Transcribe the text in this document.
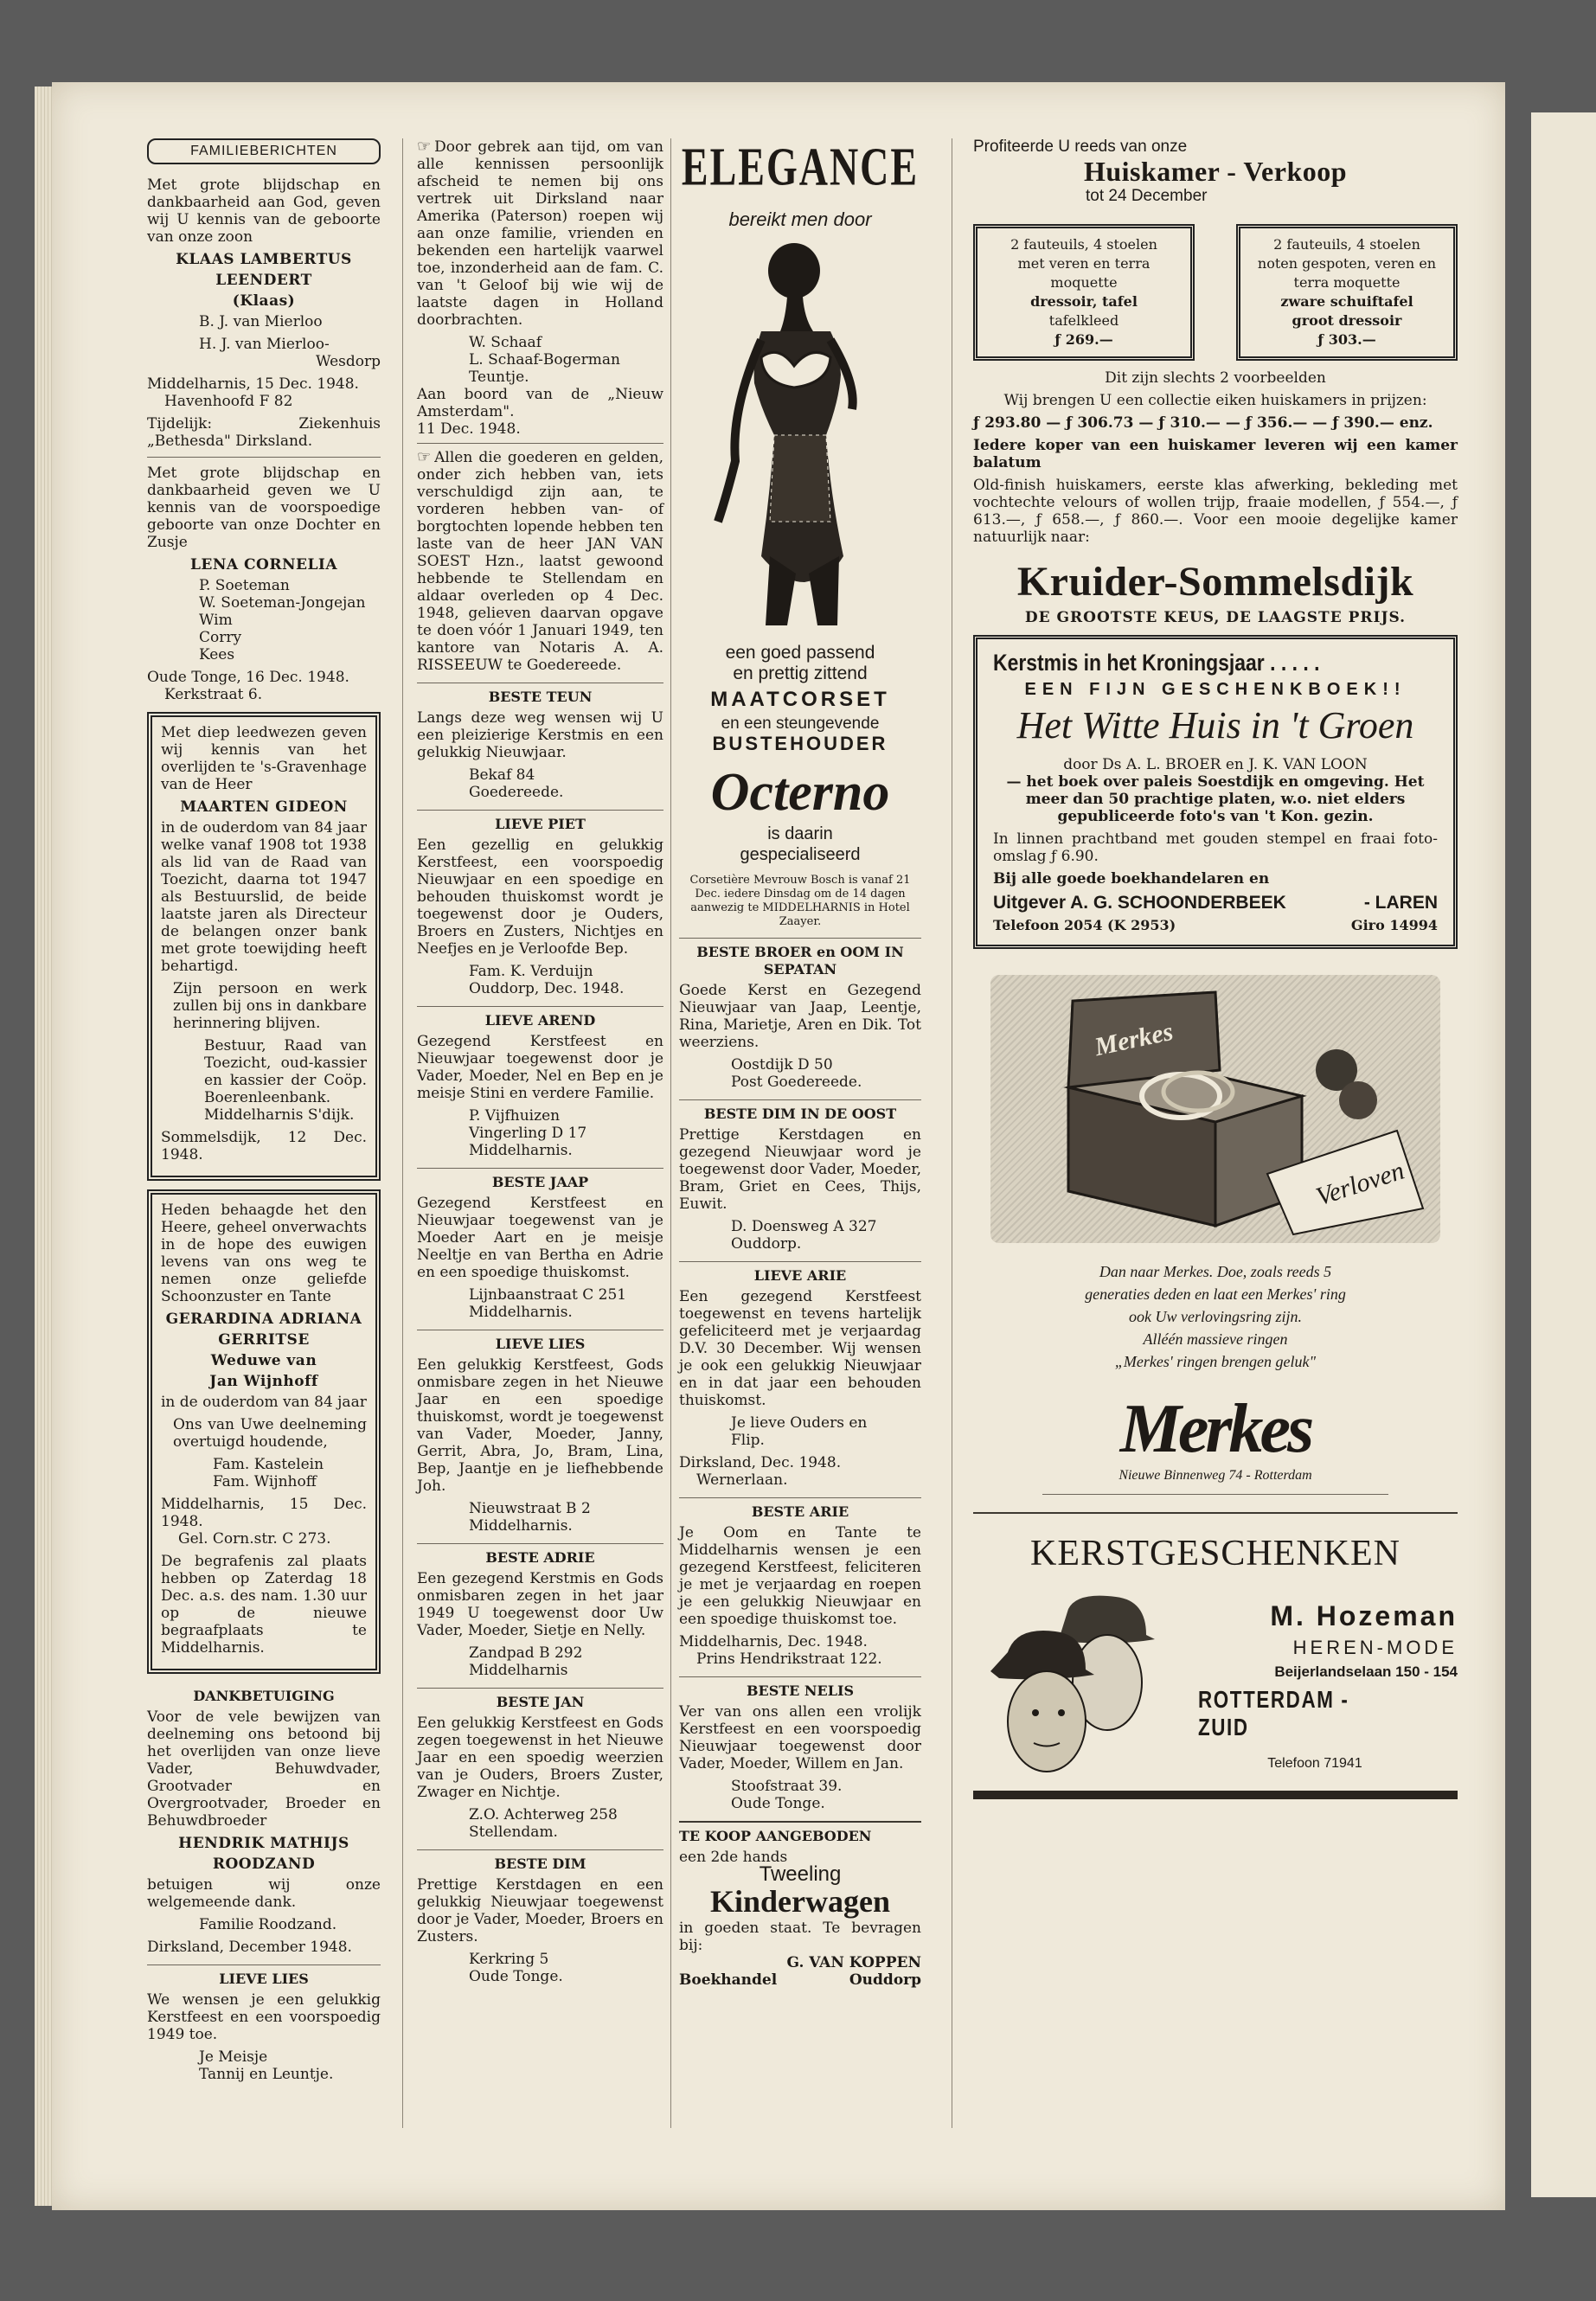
FAMILIEBERICHTEN

Met grote blijdschap en dankbaarheid aan God, geven wij U kennis van de geboorte van onze zoon

KLAAS LAMBERTUS
LEENDERT
(Klaas)

B. J. van Mierloo

H. J. van Mierloo-

Wesdorp

Middelharnis, 15 Dec. 1948.

Havenhoofd F 82

Tijdelijk: Ziekenhuis „Bethesda" Dirksland.

Met grote blijdschap en dankbaarheid geven we U kennis van de voorspoedige geboorte van onze Dochter en Zusje

LENA CORNELIA

P. Soeteman

W. Soeteman-Jongejan

Wim

Corry

Kees

Oude Tonge, 16 Dec. 1948.

Kerkstraat 6.

Met diep leedwezen geven wij kennis van het overlijden te 's-Gravenhage van de Heer

MAARTEN GIDEON

in de ouderdom van 84 jaar welke vanaf 1908 tot 1938 als lid van de Raad van Toezicht, daarna tot 1947 als Bestuurslid, de beide laatste jaren als Directeur de belangen onzer bank met grote toewijding heeft behartigd.

Zijn persoon en werk zullen bij ons in dankbare herinnering blijven.

Bestuur, Raad van Toezicht, oud-kassier en kassier der Coöp. Boerenleenbank. Middelharnis S'dijk.

Sommelsdijk, 12 Dec. 1948.

Heden behaagde het den Heere, geheel onverwachts in de hope des euwigen levens van ons weg te nemen onze geliefde Schoonzuster en Tante

GERARDINA ADRIANA
GERRITSE
Weduwe van
Jan Wijnhoff

in de ouderdom van 84 jaar

Ons van Uwe deelneming overtuigd houdende,

Fam. Kastelein

Fam. Wijnhoff

Middelharnis, 15 Dec. 1948.

Gel. Corn.str. C 273.

De begrafenis zal plaats hebben op Zaterdag 18 Dec. a.s. des nam. 1.30 uur op de nieuwe begraafplaats te Middelharnis.

DANKBETUIGING

Voor de vele bewijzen van deelneming ons betoond bij het overlijden van onze lieve Vader, Behuwdvader, Grootvader en Overgrootvader, Broeder en Behuwdbroeder

HENDRIK MATHIJS
ROODZAND

betuigen wij onze welgemeende dank.

Familie Roodzand.

Dirksland, December 1948.

LIEVE LIES

We wensen je een gelukkig Kerstfeest en een voorspoedig 1949 toe.

Je Meisje

Tannij en Leuntje.

☞ Door gebrek aan tijd, om van alle kennissen persoonlijk afscheid te nemen bij ons vertrek uit Dirksland naar Amerika (Paterson) roepen wij aan onze familie, vrienden en bekenden een hartelijk vaarwel toe, inzonderheid aan de fam. C. van 't Geloof bij wie wij de laatste dagen in Holland doorbrachten.

W. Schaaf

L. Schaaf-Bogerman

Teuntje.

Aan boord van de „Nieuw Amsterdam".

11 Dec. 1948.

☞ Allen die goederen en gelden, onder zich hebben van, iets verschuldigd zijn aan, te vorderen hebben van- of borgtochten lopende hebben ten laste van de heer JAN VAN SOEST Hzn., laatst gewoond hebbende te Stellendam en aldaar overleden op 4 Dec. 1948, gelieven daarvan opgave te doen vóór 1 Januari 1949, ten kantore van Notaris A. A. RISSEEUW te Goedereede.

BESTE TEUN

Langs deze weg wensen wij U een pleizierige Kerstmis en een gelukkig Nieuwjaar.

Bekaf 84

Goedereede.

LIEVE PIET

Een gezellig en gelukkig Kerstfeest, een voorspoedig Nieuwjaar en een spoedige en behouden thuiskomst wordt je toegewenst door je Ouders, Broers en Zusters, Nichtjes en Neefjes en je Verloofde Bep.

Fam. K. Verduijn

Ouddorp, Dec. 1948.

LIEVE AREND

Gezegend Kerstfeest en Nieuwjaar toegewenst door je Vader, Moeder, Nel en Bep en je meisje Stini en verdere Familie.

P. Vijfhuizen

Vingerling D 17

Middelharnis.

BESTE JAAP

Gezegend Kerstfeest en Nieuwjaar toegewenst van je Moeder Aart en je meisje Neeltje en van Bertha en Adrie en een spoedige thuiskomst.

Lijnbaanstraat C 251

Middelharnis.

LIEVE LIES

Een gelukkig Kerstfeest, Gods onmisbare zegen in het Nieuwe Jaar en een spoedige thuiskomst, wordt je toegewenst van Vader, Moeder, Janny, Gerrit, Abra, Jo, Bram, Lina, Bep, Jaantje en je liefhebbende Joh.

Nieuwstraat B 2

Middelharnis.

BESTE ADRIE

Een gezegend Kerstmis en Gods onmisbaren zegen in het jaar 1949 U toegewenst door Uw Vader, Moeder, Sietje en Nelly.

Zandpad B 292

Middelharnis

BESTE JAN

Een gelukkig Kerstfeest en Gods zegen toegewenst in het Nieuwe Jaar en een spoedig weerzien van je Ouders, Broers Zuster, Zwager en Nichtje.

Z.O. Achterweg 258

Stellendam.

BESTE DIM

Prettige Kerstdagen en een gelukkig Nieuwjaar toegewenst door je Vader, Moeder, Broers en Zusters.

Kerkring 5

Oude Tonge.

ELEGANCE
bereikt men door
een goed passend
en prettig zittend
MAATCORSET
en een steungevende
BUSTEHOUDER
Octerno
is daarin
gespecialiseerd

Corsetière Mevrouw Bosch is vanaf 21 Dec. iedere Dinsdag om de 14 dagen aanwezig te MIDDELHARNIS in Hotel Zaayer.

BESTE BROER en OOM IN SEPATAN

Goede Kerst en Gezegend Nieuwjaar van Jaap, Leentje, Rina, Marietje, Aren en Dik. Tot weerziens.

Oostdijk D 50

Post Goedereede.

BESTE DIM IN DE OOST

Prettige Kerstdagen en gezegend Nieuwjaar word je toegewenst door Vader, Moeder, Bram, Griet en Cees, Thijs, Euwit.

D. Doensweg A 327

Ouddorp.

LIEVE ARIE

Een gezegend Kerstfeest toegewenst en tevens hartelijk gefeliciteerd met je verjaardag D.V. 30 December. Wij wensen je ook een gelukkig Nieuwjaar en in dat jaar een behouden thuiskomst.

Je lieve Ouders en

Flip.

Dirksland, Dec. 1948.

Wernerlaan.

BESTE ARIE

Je Oom en Tante te Middelharnis wensen je een gezegend Kerstfeest, feliciteren je met je verjaardag en roepen je een gelukkig Nieuwjaar en een spoedige thuiskomst toe.

Middelharnis, Dec. 1948.

Prins Hendrikstraat 122.

BESTE NELIS

Ver van ons allen een vrolijk Kerstfeest en een voorspoedig Nieuwjaar toegewenst door Vader, Moeder, Willem en Jan.

Stoofstraat 39.

Oude Tonge.

TE KOOP AANGEBODEN

een 2de hands

Tweeling
Kinderwagen

in goeden staat. Te bevragen bij:

G. VAN KOPPEN

Boekhandel	Ouddorp

Profiteerde U reeds van onze
Huiskamer - Verkoop
tot 24 December
2 fauteuils, 4 stoelen
met veren en terra
moquette
dressoir, tafel
tafelkleed
ƒ 269.—
2 fauteuils, 4 stoelen
noten gespoten, veren en
terra moquette
zware schuiftafel
groot dressoir
ƒ 303.—

Dit zijn slechts 2 voorbeelden

Wij brengen U een collectie eiken huiskamers in prijzen:

ƒ 293.80 — ƒ 306.73 — ƒ 310.— — ƒ 356.— — ƒ 390.— enz.

Iedere koper van een huiskamer leveren wij een kamer balatum

Old-finish huiskamers, eerste klas afwerking, bekleding met vochtechte velours of wollen trijp, fraaie modellen, ƒ 554.—, ƒ 613.—, ƒ 658.—, ƒ 860.—. Voor een mooie degelijke kamer natuurlijk naar:

Kruider-Sommelsdijk
DE GROOTSTE KEUS, DE LAAGSTE PRIJS.
Kerstmis in het Kroningsjaar . . . . .
EEN FIJN GESCHENKBOEK!!
Het Witte Huis in 't Groen

door Ds A. L. BROER en J. K. VAN LOON

— het boek over paleis Soestdijk en omgeving. Het meer dan 50 prachtige platen, w.o. niet elders gepubliceerde foto's van 't Kon. gezin.

In linnen prachtband met gouden stempel en fraai foto-omslag ƒ 6.90.

Bij alle goede boekhandelaren en

Uitgever A. G. SCHOONDERBEEK	- LAREN
Telefoon 2054 (K 2953)	Giro 14994
Merkes
Verloven
Dan naar Merkes. Doe, zoals reeds 5
generaties deden en laat een Merkes' ring
ook Uw verlovingsring zijn.
Alléén massieve ringen
„Merkes' ringen brengen geluk"
Merkes
Nieuwe Binnenweg 74 - Rotterdam
KERSTGESCHENKEN
M. Hozeman
HEREN-MODE
Beijerlandselaan 150 - 154
ROTTERDAM - ZUID
Telefoon 71941
